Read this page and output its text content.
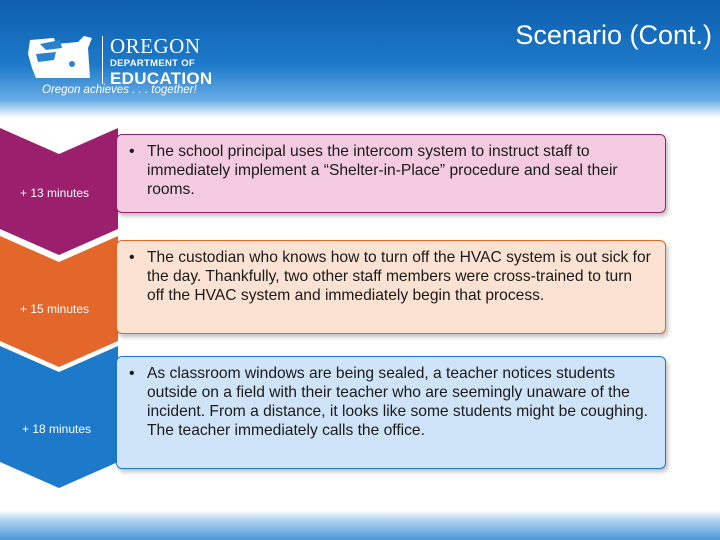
OREGON
DEPARTMENT OF
EDUCATION
Oregon achieves . . . together!
Scenario (Cont.)
+ 13 minutes
• The school principal uses the intercom system to instruct staff to immediately implement a “Shelter-in-Place” procedure and seal their rooms.
+ 15 minutes
• The custodian who knows how to turn off the HVAC system is out sick for the day. Thankfully, two other staff members were cross-trained to turn off the HVAC system and immediately begin that process.
+ 18 minutes
• As classroom windows are being sealed, a teacher notices students outside on a field with their teacher who are seemingly unaware of the incident. From a distance, it looks like some students might be coughing. The teacher immediately calls the office.
